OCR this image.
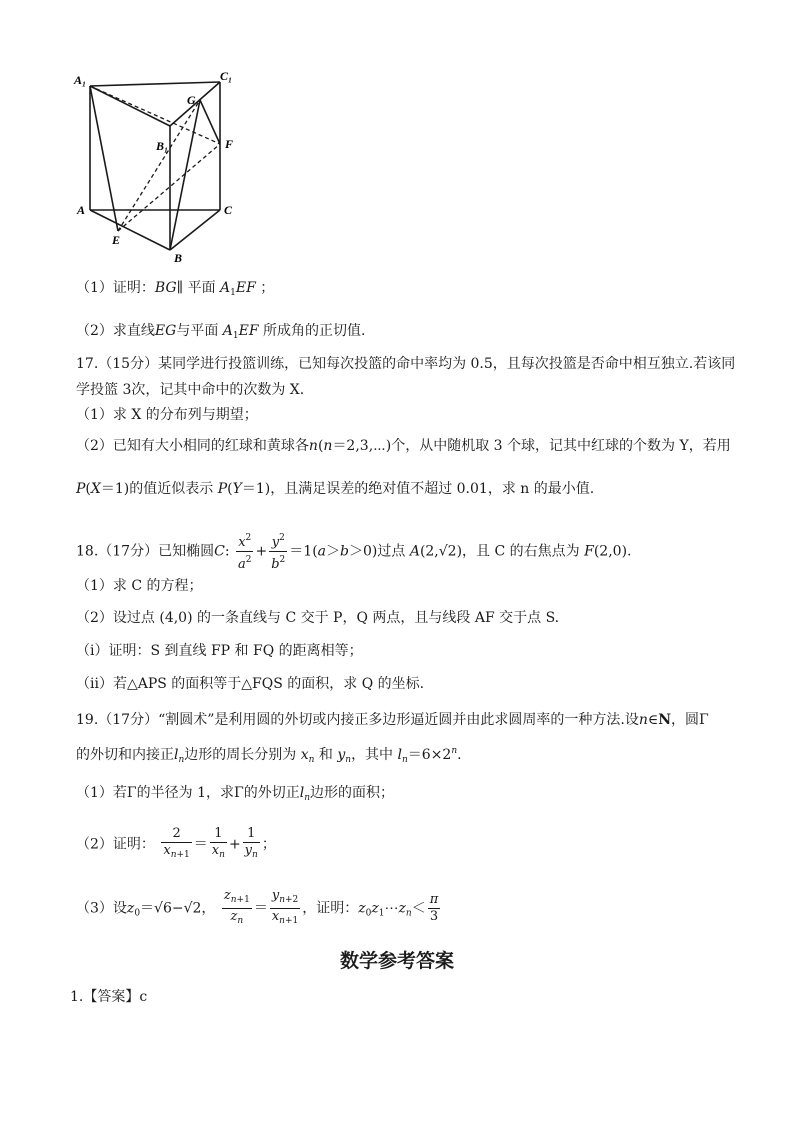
A₁	C₁
G
B₁	F
A	C
E
B
（1）证明：BG∥ 平面 $A_1EF$ ；
（2）求直线EG与平面 $A_1EF$ 所成角的正切值.
17.（15分）某同学进行投篮训练，已知每次投篮的命中率均为 0.5，且每次投篮是否命中相互独立.若该同
学投篮 3次，记其中命中的次数为 X.
（1）求 X 的分布列与期望；
（2）已知有大小相同的红球和黄球各n(n＝2,3,⋯)个，从中随机取 3 个球，记其中红球的个数为 Y，若用
P(X＝1)的值近似表示 P(Y＝1)，且满足误差的绝对值不超过 0.01，求 n 的最小值.
18.（17分）已知椭圆C: $\frac{x^2}{a^2} + \frac{y^2}{b^2} =1(a>b>0)$过点 A(2,√2)，且 C 的右焦点为 F(2,0).
（1）求 C 的方程；
（2）设过点 (4,0) 的一条直线与 C 交于 P，Q 两点，且与线段 AF 交于点 S.
（i）证明：S 到直线 FP 和 FQ 的距离相等；
（ii）若△APS 的面积等于△FQS 的面积，求 Q 的坐标.
19.（17分）“割圆术”是利用圆的外切或内接正多边形逼近圆并由此求圆周率的一种方法.设n∈N，圆Γ
的外切和内接正$l_n$边形的周长分别为 $x_n$ 和 $y_n$，其中 $l_n=6\times 2^n$.
（1）若Γ的半径为 1，求Γ的外切正$l_n$边形的面积；
（2）证明： $\frac{2}{x_{n+1}} = \frac{1}{x_n} + \frac{1}{y_n}$ ；
（3）设$z_0=√6-√2$， $\frac{z_{n+1}}{z_n} = \frac{y_{n+2}}{x_{n+1}}$ ，证明：$z_0z_1\cdots z_n< \frac{\pi}{3}$
数学参考答案
1.【答案】c
